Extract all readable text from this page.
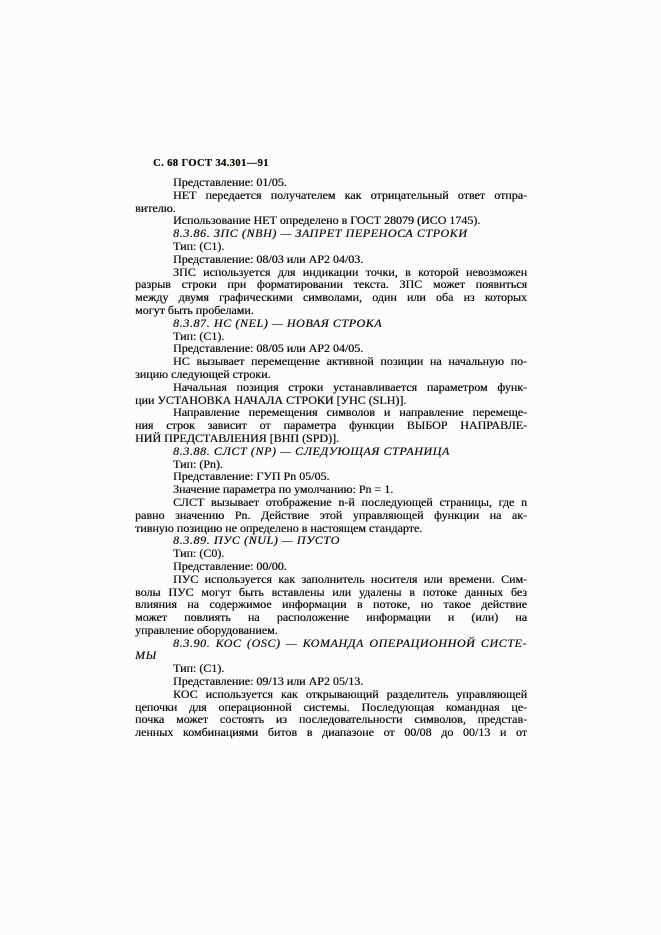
С. 68 ГОСТ 34.301—91
Представление: 01/05.
НЕТ передается получателем как отрицательный ответ отпра-
вителю.
Использование НЕТ определено в ГОСТ 28079 (ИСО 1745).
8.3.86. ЗПС (NBH) — ЗАПРЕТ ПЕРЕНОСА СТРОКИ
Тип: (С1).
Представление: 08/03 или АР2 04/03.
ЗПС используется для индикации точки, в которой невозможен
разрыв строки при форматировании текста. ЗПС может появиться
между двумя графическими символами, один или оба из которых
могут быть пробелами.
8.3.87. НС (NEL) — НОВАЯ СТРОКА
Тип: (С1).
Представление: 08/05 или АР2 04/05.
НС вызывает перемещение активной позиции на начальную по-
зицию следующей строки.
Начальная позиция строки устанавливается параметром функ-
ции УСТАНОВКА НАЧАЛА СТРОКИ [УНС (SLH)].
Направление перемещения символов и направление перемеще-
ния строк зависит от параметра функции ВЫБОР НАПРАВЛЕ-
НИЙ ПРЕДСТАВЛЕНИЯ [ВНП (SPD)].
8.3.88. СЛСТ (NP) — СЛЕДУЮЩАЯ СТРАНИЦА
Тип: (Pn).
Представление: ГУП Pn 05/05.
Значение параметра по умолчанию: Pn = 1.
СЛСТ вызывает отображение n-й последующей страницы, где n
равно значению Pn. Действие этой управляющей функции на ак-
тивную позицию не определено в настоящем стандарте.
8.3.89. ПУС (NUL) — ПУСТО
Тип: (С0).
Представление: 00/00.
ПУС используется как заполнитель носителя или времени. Сим-
волы ПУС могут быть вставлены или удалены в потоке данных без
влияния на содержимое информации в потоке, но такое действие
может повлиять на расположение информации и (или) на
управление оборудованием.
8.3.90. КОС (OSC) — КОМАНДА ОПЕРАЦИОННОЙ СИСТЕ-
МЫ
Тип: (С1).
Представление: 09/13 или АР2 05/13.
КОС используется как открывающий разделитель управляющей
цепочки для операционной системы. Последующая командная це-
почка может состоять из последовательности символов, представ-
ленных комбинациями битов в диапазоне от 00/08 до 00/13 и от
